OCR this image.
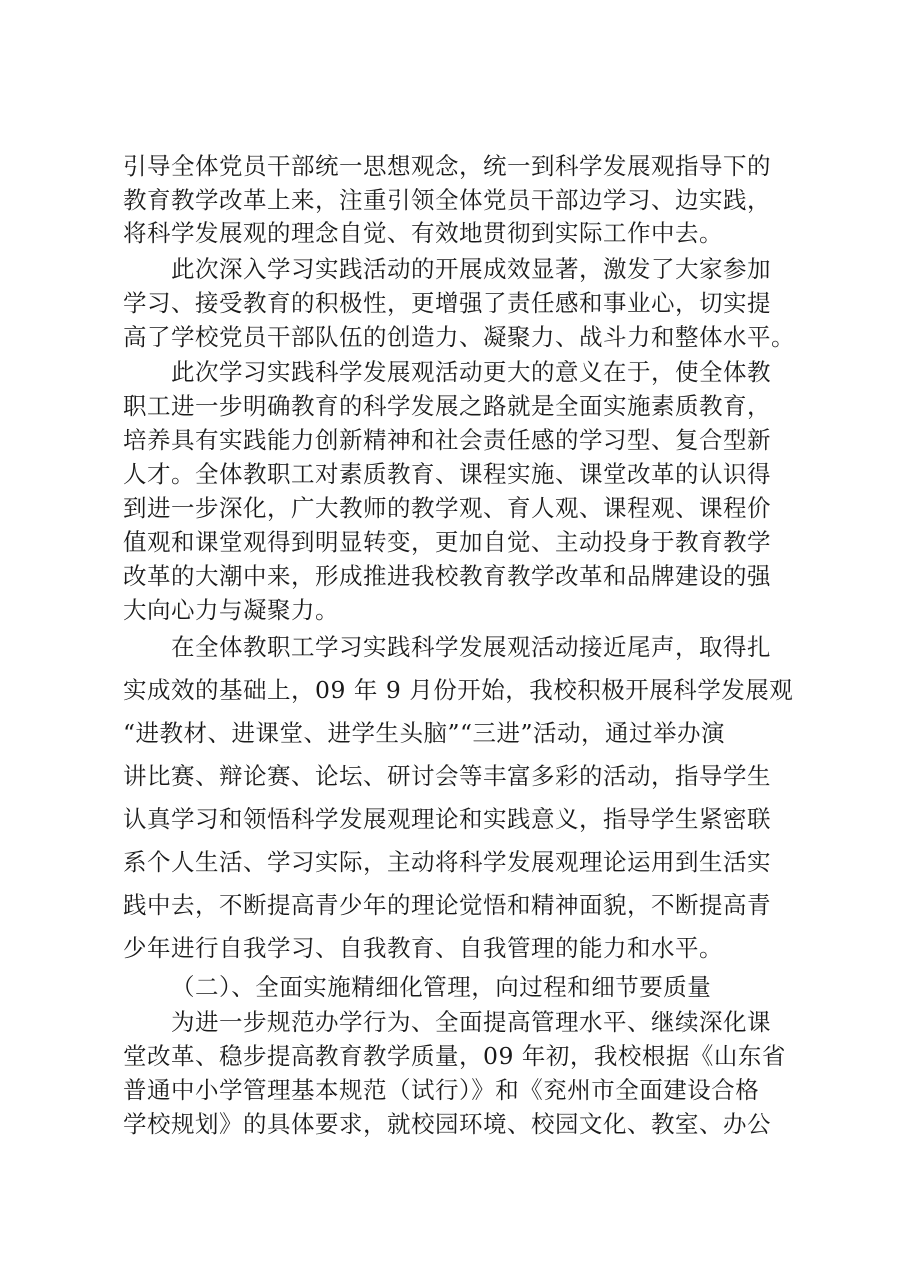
引导全体党员干部统一思想观念，统一到科学发展观指导下的
教育教学改革上来，注重引领全体党员干部边学习、边实践，
将科学发展观的理念自觉、有效地贯彻到实际工作中去。
此次深入学习实践活动的开展成效显著，激发了大家参加
学习、接受教育的积极性，更增强了责任感和事业心，切实提
高了学校党员干部队伍的创造力、凝聚力、战斗力和整体水平。
此次学习实践科学发展观活动更大的意义在于，使全体教
职工进一步明确教育的科学发展之路就是全面实施素质教育，
培养具有实践能力创新精神和社会责任感的学习型、复合型新
人才。全体教职工对素质教育、课程实施、课堂改革的认识得
到进一步深化，广大教师的教学观、育人观、课程观、课程价
值观和课堂观得到明显转变，更加自觉、主动投身于教育教学
改革的大潮中来，形成推进我校教育教学改革和品牌建设的强
大向心力与凝聚力。
在全体教职工学习实践科学发展观活动接近尾声，取得扎
实成效的基础上，09 年 9 月份开始，我校积极开展科学发展观
“进教材、进课堂、进学生头脑”“三进”活动，通过举办演
讲比赛、辩论赛、论坛、研讨会等丰富多彩的活动，指导学生
认真学习和领悟科学发展观理论和实践意义，指导学生紧密联
系个人生活、学习实际，主动将科学发展观理论运用到生活实
践中去，不断提高青少年的理论觉悟和精神面貌，不断提高青
少年进行自我学习、自我教育、自我管理的能力和水平。
（二）、全面实施精细化管理，向过程和细节要质量
为进一步规范办学行为、全面提高管理水平、继续深化课
堂改革、稳步提高教育教学质量，09 年初，我校根据《山东省
普通中小学管理基本规范（试行）》和《兖州市全面建设合格
学校规划》的具体要求，就校园环境、校园文化、教室、办公
